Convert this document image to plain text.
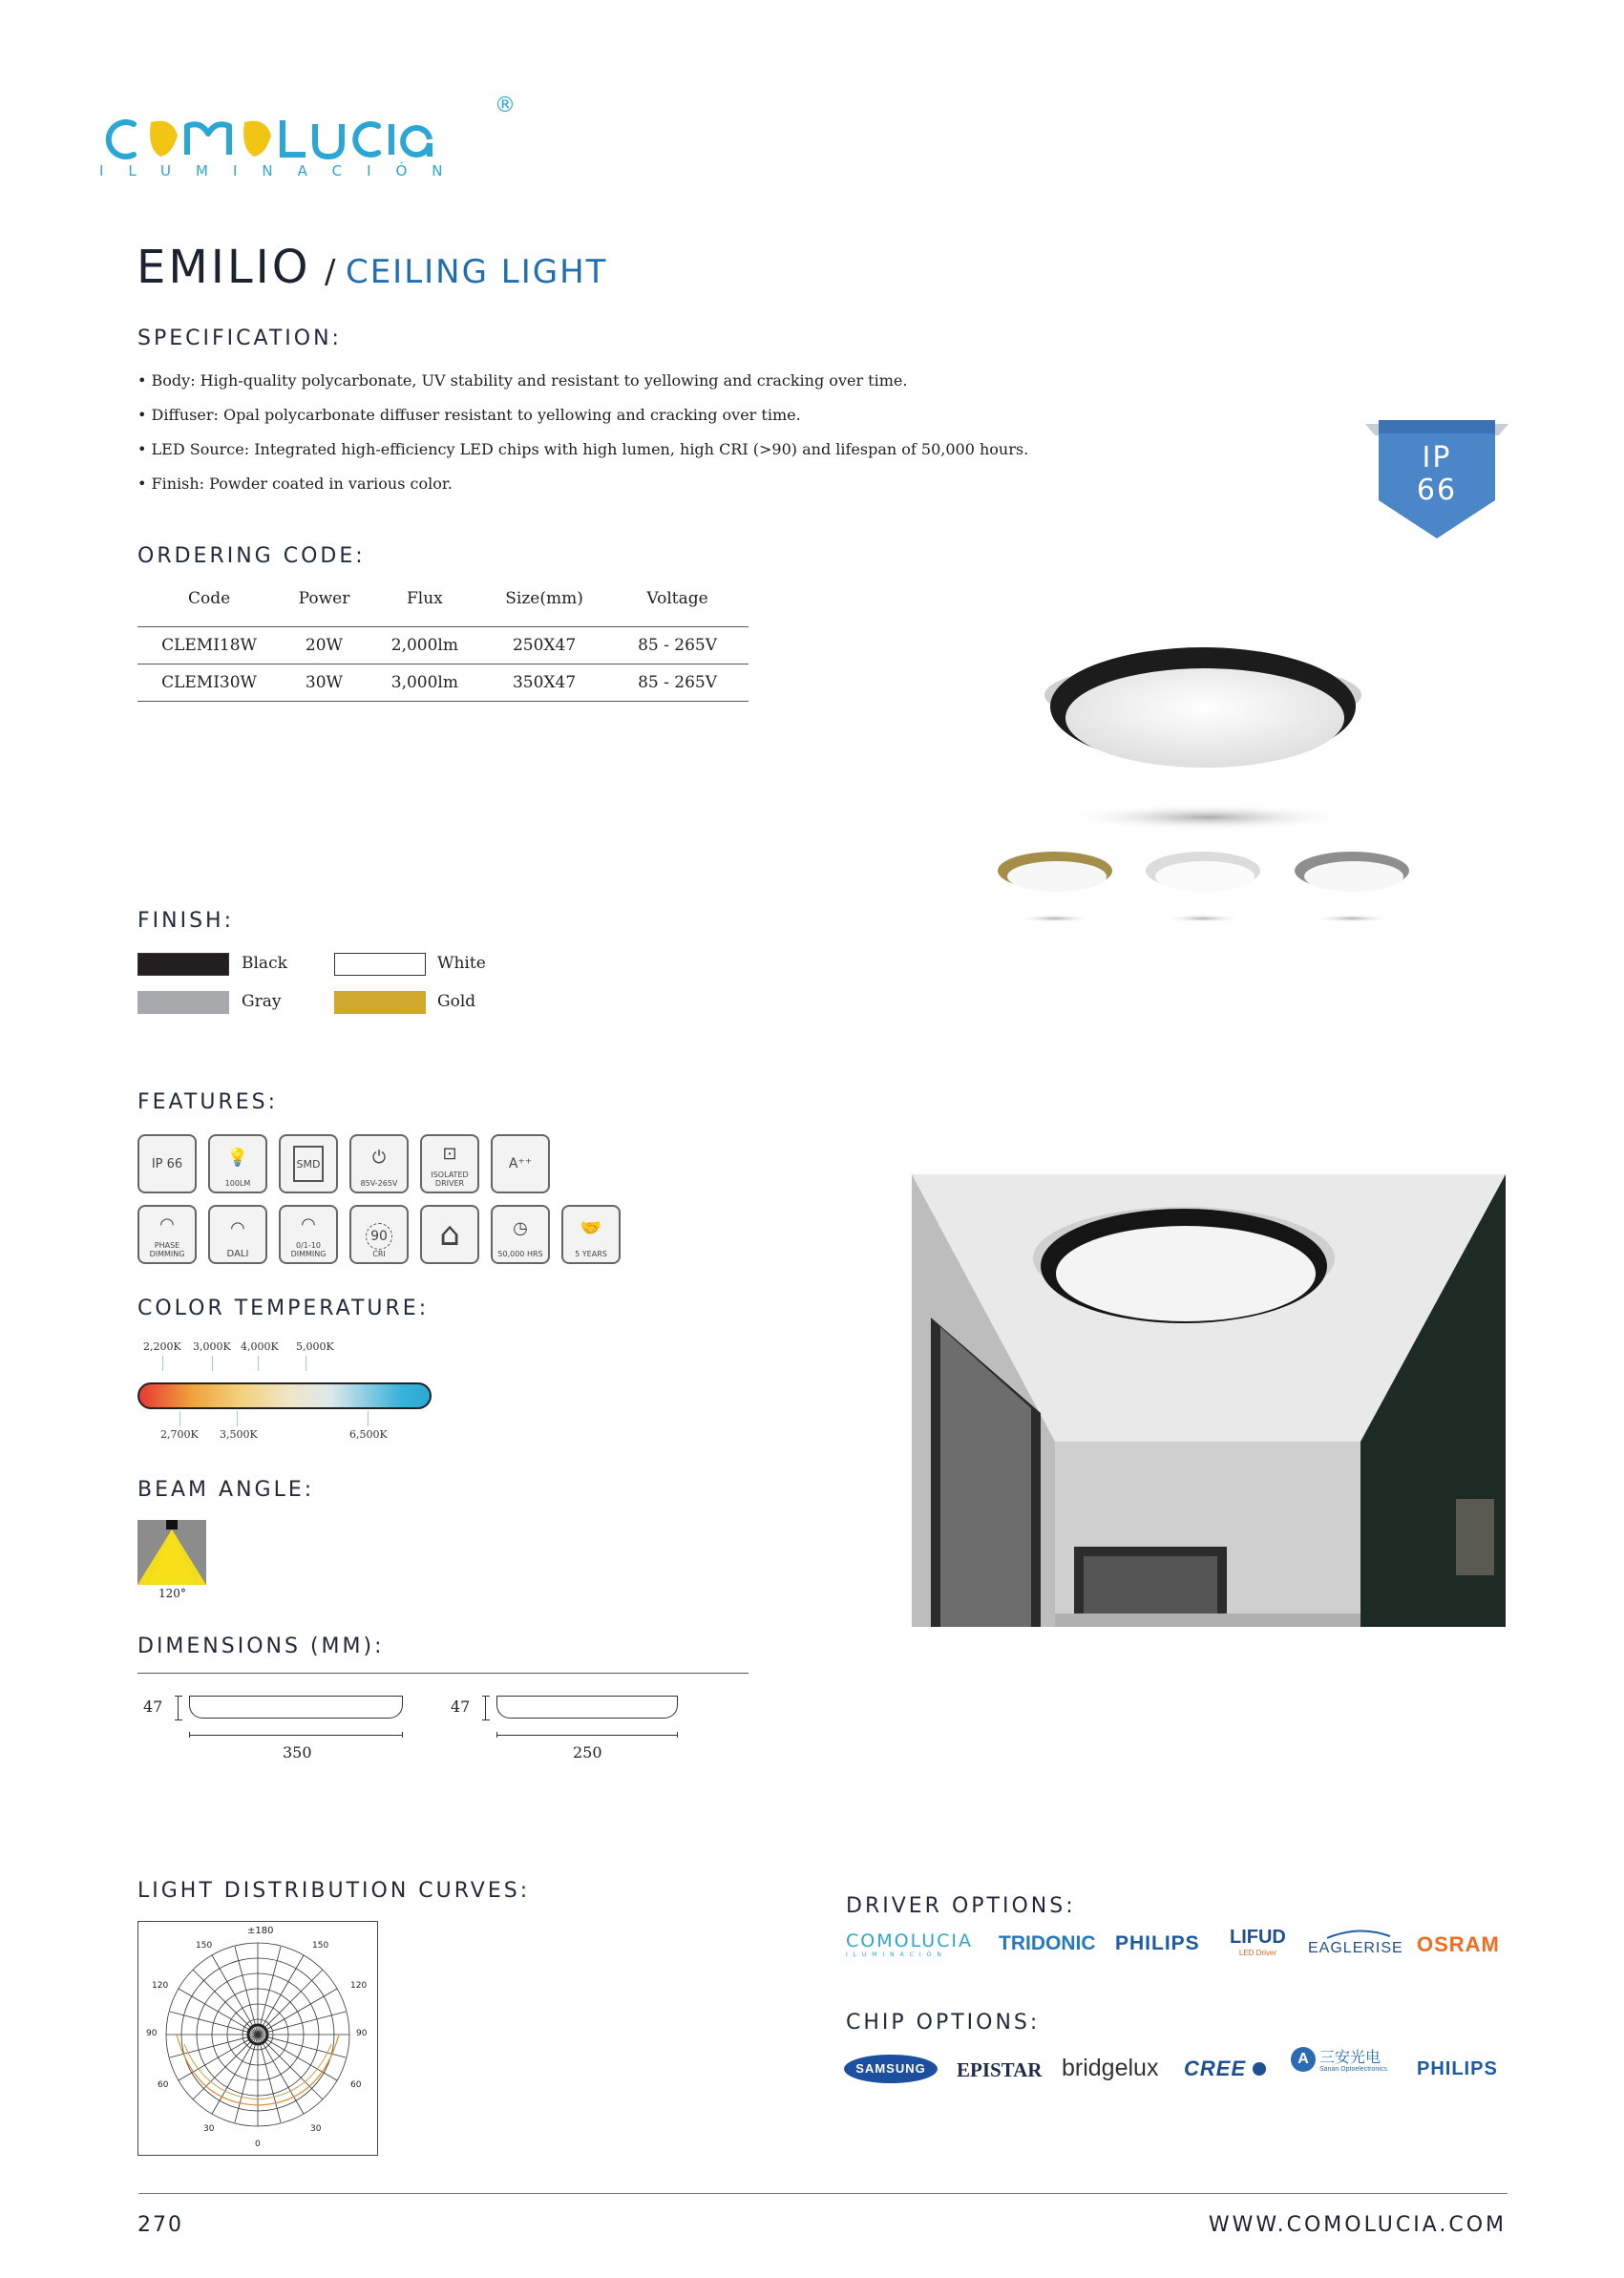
®
ILUMINACIÓN
EMILIO / CEILING LIGHT
SPECIFICATION:
• Body: High-quality polycarbonate, UV stability and resistant to yellowing and cracking over time.
• Diffuser: Opal polycarbonate diffuser resistant to yellowing and cracking over time.
• LED Source: Integrated high-efficiency LED chips with high lumen, high CRI (>90) and lifespan of 50,000 hours.
• Finish: Powder coated in various color.
IP
66
ORDERING CODE:
Code	Power	Flux	Size(mm)	Voltage
CLEMI18W	20W	2,000lm	250X47	85 - 265V
CLEMI30W	30W	3,000lm	350X47	85 - 265V
FINISH:
Black	White
Gray	Gold
FEATURES:
IP 66	💡
100LM
SMD	⏻
85V-265V
⊡
ISOLATED DRIVER
A⁺⁺
◠
PHASE DIMMING
◠
DALI
◠
0/1-10 DIMMING
90
CRI
⌂	◷
50,000 HRS
🤝
5 YEARS
COLOR TEMPERATURE:
2,200K 3,000K 4,000K 5,000K
2,700K 3,500K	6,500K
BEAM ANGLE:
120°
DIMENSIONS (MM):
47
350
47
250
LIGHT DISTRIBUTION CURVES:
±180
150	150
120	120
90	90
60	60
30	30
0
DRIVER OPTIONS:
COMOLUCIA
ILUMINACIÓN
TRIDONIC PHILIPS LIFUD
LED Driver	EAGLERISE OSRAM
CHIP OPTIONS:
SAMSUNG	EPISTAR bridgelux CREE	A 三安光电
Sanan Optoelectronics PHILIPS
270	WWW.COMOLUCIA.COM
